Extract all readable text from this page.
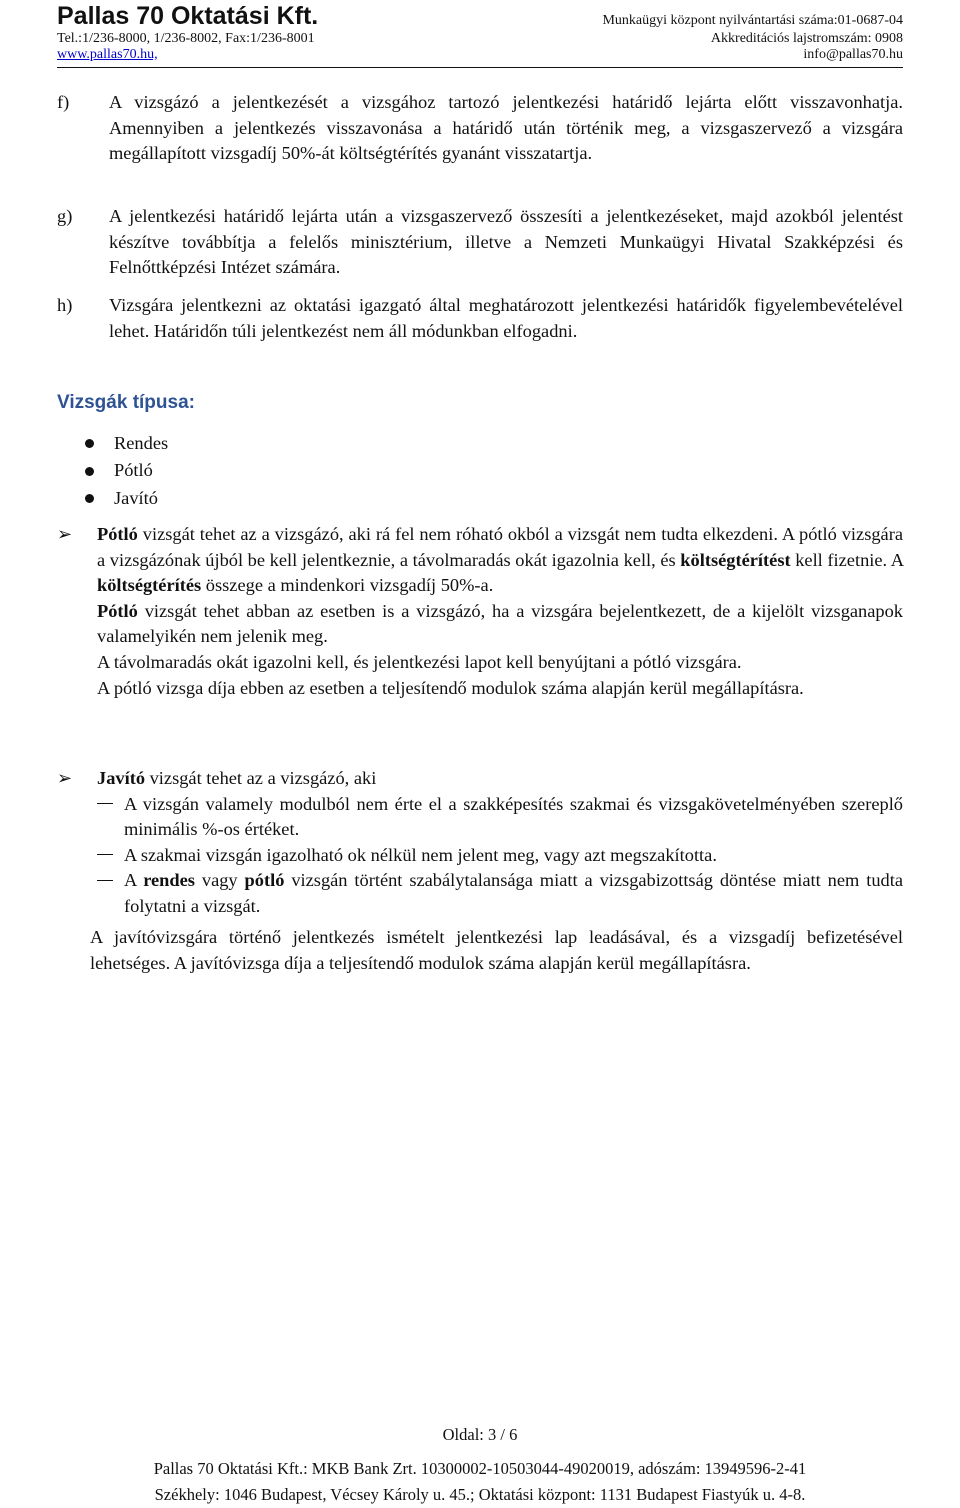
Pallas 70 Oktatási Kft.	Munkaügyi központ nyilvántartási száma:01-0687-04
Tel.:1/236-8000, 1/236-8002, Fax:1/236-8001	Akkreditációs lajstromszám: 0908
www.pallas70.hu,	info@pallas70.hu
f)	A vizsgázó a jelentkezését a vizsgához tartozó jelentkezési határidő lejárta előtt visszavonhatja. Amennyiben a jelentkezés visszavonása a határidő után történik meg, a vizsgaszervező a vizsgára megállapított vizsgadíj 50%-át költségtérítés gyanánt visszatartja.
g)	A jelentkezési határidő lejárta után a vizsgaszervező összesíti a jelentkezéseket, majd azokból jelentést készítve továbbítja a felelős minisztérium, illetve a Nemzeti Munkaügyi Hivatal Szakképzési és Felnőttképzési Intézet számára.
h)	Vizsgára jelentkezni az oktatási igazgató által meghatározott jelentkezési határidők figyelembevételével lehet. Határidőn túli jelentkezést nem áll módunkban elfogadni.
Vizsgák típusa:
Rendes
Pótló
Javító
➢	Pótló vizsgát tehet az a vizsgázó, aki rá fel nem róható okból a vizsgát nem tudta elkezdeni. A pótló vizsgára a vizsgázónak újból be kell jelentkeznie, a távolmaradás okát igazolnia kell, és költségtérítést kell fizetnie. A költségtérítés összege a mindenkori vizsgadíj 50%-a.
Pótló vizsgát tehet abban az esetben is a vizsgázó, ha a vizsgára bejelentkezett, de a kijelölt vizsganapok valamelyikén nem jelenik meg.
A távolmaradás okát igazolni kell, és jelentkezési lapot kell benyújtani a pótló vizsgára.
A pótló vizsga díja ebben az esetben a teljesítendő modulok száma alapján kerül megállapításra.
➢	Javító vizsgát tehet az a vizsgázó, aki
A vizsgán valamely modulból nem érte el a szakképesítés szakmai és vizsgakövetelményében szereplő minimális %-os értéket.
A szakmai vizsgán igazolható ok nélkül nem jelent meg, vagy azt megszakította.
A rendes vagy pótló vizsgán történt szabálytalansága miatt a vizsgabizottság döntése miatt nem tudta folytatni a vizsgát.
A javítóvizsgára történő jelentkezés ismételt jelentkezési lap leadásával, és a vizsgadíj befizetésével lehetséges. A javítóvizsga díja a teljesítendő modulok száma alapján kerül megállapításra.
Oldal: 3 / 6
Pallas 70 Oktatási Kft.: MKB Bank Zrt. 10300002-10503044-49020019, adószám: 13949596-2-41
Székhely: 1046 Budapest, Vécsey Károly u. 45.; Oktatási központ: 1131 Budapest Fiastyúk u. 4-8.
